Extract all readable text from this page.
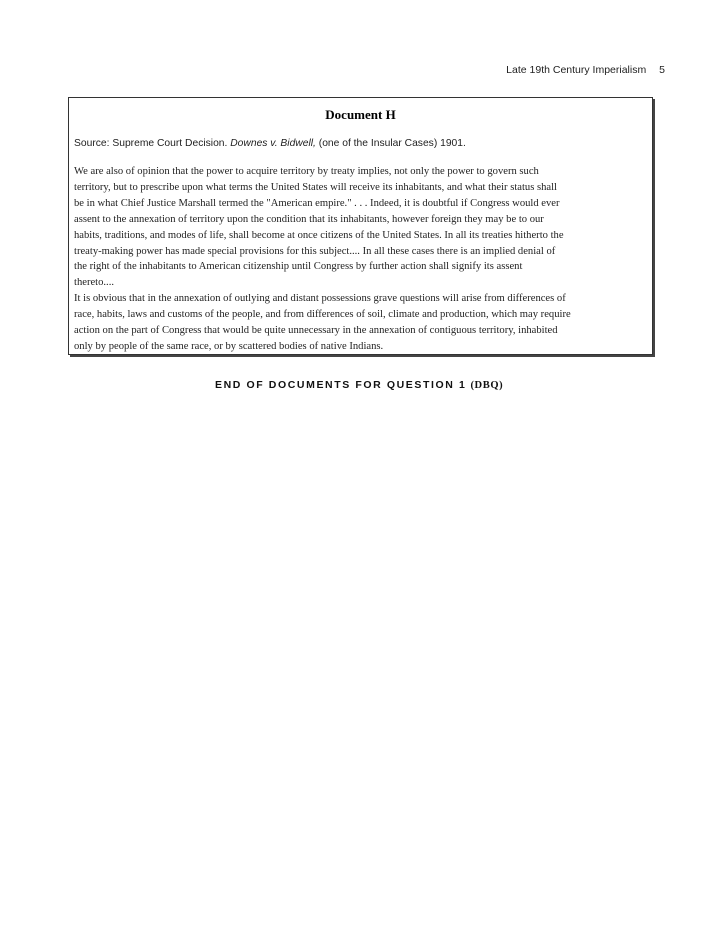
Late 19th Century Imperialism 5
Document H
Source: Supreme Court Decision. Downes v. Bidwell, (one of the Insular Cases) 1901.
We are also of opinion that the power to acquire territory by treaty implies, not only the power to govern such
territory, but to prescribe upon what terms the United States will receive its inhabitants, and what their status shall
be in what Chief Justice Marshall termed the "American empire." . . . Indeed, it is doubtful if Congress would ever
assent to the annexation of territory upon the condition that its inhabitants, however foreign they may be to our
habits, traditions, and modes of life, shall become at once citizens of the United States. In all its treaties hitherto the
treaty-making power has made special provisions for this subject.... In all these cases there is an implied denial of
the right of the inhabitants to American citizenship until Congress by further action shall signify its assent
thereto....
It is obvious that in the annexation of outlying and distant possessions grave questions will arise from differences of
race, habits, laws and customs of the people, and from differences of soil, climate and production, which may require
action on the part of Congress that would be quite unnecessary in the annexation of contiguous territory, inhabited
only by people of the same race, or by scattered bodies of native Indians.
END OF DOCUMENTS FOR QUESTION 1 (DBQ)
